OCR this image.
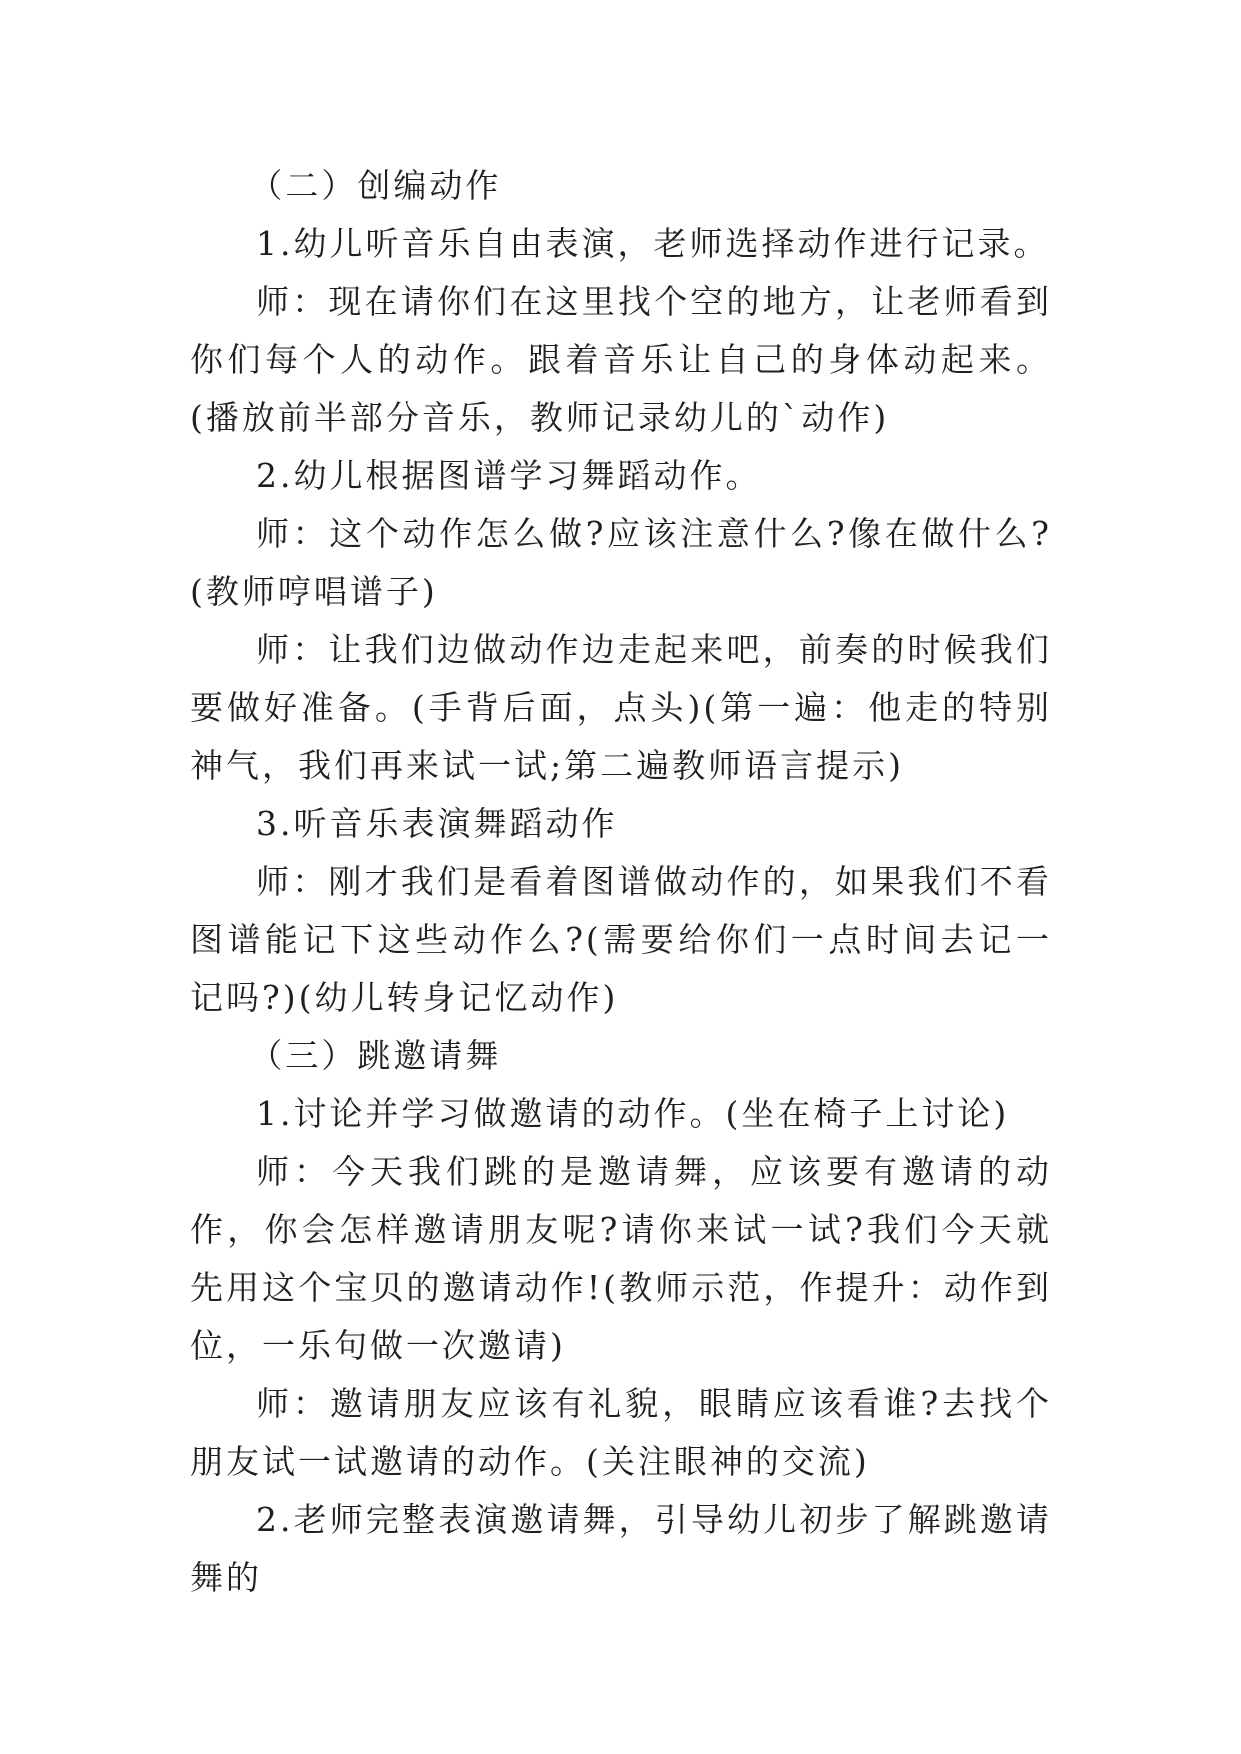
（二）创编动作

1.幼儿听音乐自由表演，老师选择动作进行记录。

师：现在请你们在这里找个空的地方，让老师看到你们每个人的动作。跟着音乐让自己的身体动起来。(播放前半部分音乐，教师记录幼儿的`动作)

2.幼儿根据图谱学习舞蹈动作。

师：这个动作怎么做?应该注意什么?像在做什么?(教师哼唱谱子)

师：让我们边做动作边走起来吧，前奏的时候我们要做好准备。(手背后面，点头)(第一遍：他走的特别神气，我们再来试一试;第二遍教师语言提示)

3.听音乐表演舞蹈动作

师：刚才我们是看着图谱做动作的，如果我们不看图谱能记下这些动作么?(需要给你们一点时间去记一记吗?)(幼儿转身记忆动作)

（三）跳邀请舞

1.讨论并学习做邀请的动作。(坐在椅子上讨论)

师：今天我们跳的是邀请舞，应该要有邀请的动作，你会怎样邀请朋友呢?请你来试一试?我们今天就先用这个宝贝的邀请动作!(教师示范，作提升：动作到位，一乐句做一次邀请)

师：邀请朋友应该有礼貌，眼睛应该看谁?去找个朋友试一试邀请的动作。(关注眼神的交流)

2.老师完整表演邀请舞，引导幼儿初步了解跳邀请舞的
